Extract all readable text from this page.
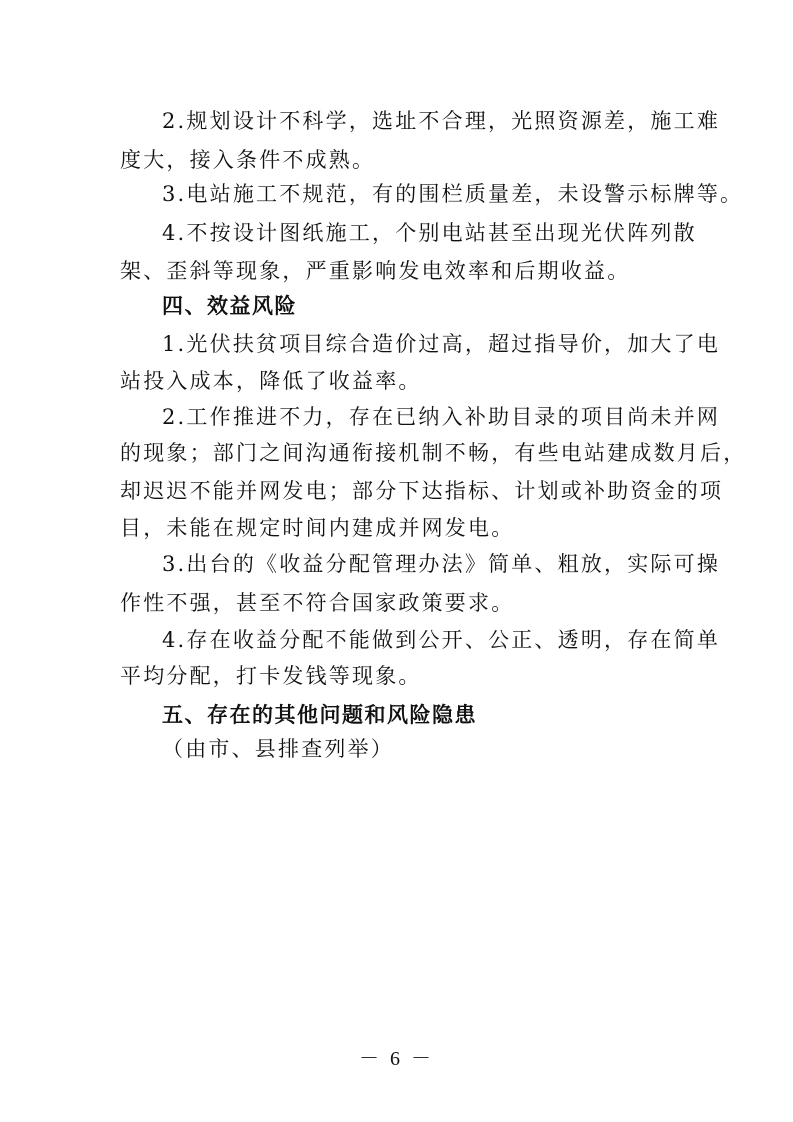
2.规划设计不科学，选址不合理，光照资源差，施工难
度大，接入条件不成熟。
3.电站施工不规范，有的围栏质量差，未设警示标牌等。
4.不按设计图纸施工，个别电站甚至出现光伏阵列散
架、歪斜等现象，严重影响发电效率和后期收益。
四、效益风险
1.光伏扶贫项目综合造价过高，超过指导价，加大了电
站投入成本，降低了收益率。
2.工作推进不力，存在已纳入补助目录的项目尚未并网
的现象；部门之间沟通衔接机制不畅，有些电站建成数月后，
却迟迟不能并网发电；部分下达指标、计划或补助资金的项
目，未能在规定时间内建成并网发电。
3.出台的《收益分配管理办法》简单、粗放，实际可操
作性不强，甚至不符合国家政策要求。
4.存在收益分配不能做到公开、公正、透明，存在简单
平均分配，打卡发钱等现象。
五、存在的其他问题和风险隐患
（由市、县排查列举）
－ 6 －
